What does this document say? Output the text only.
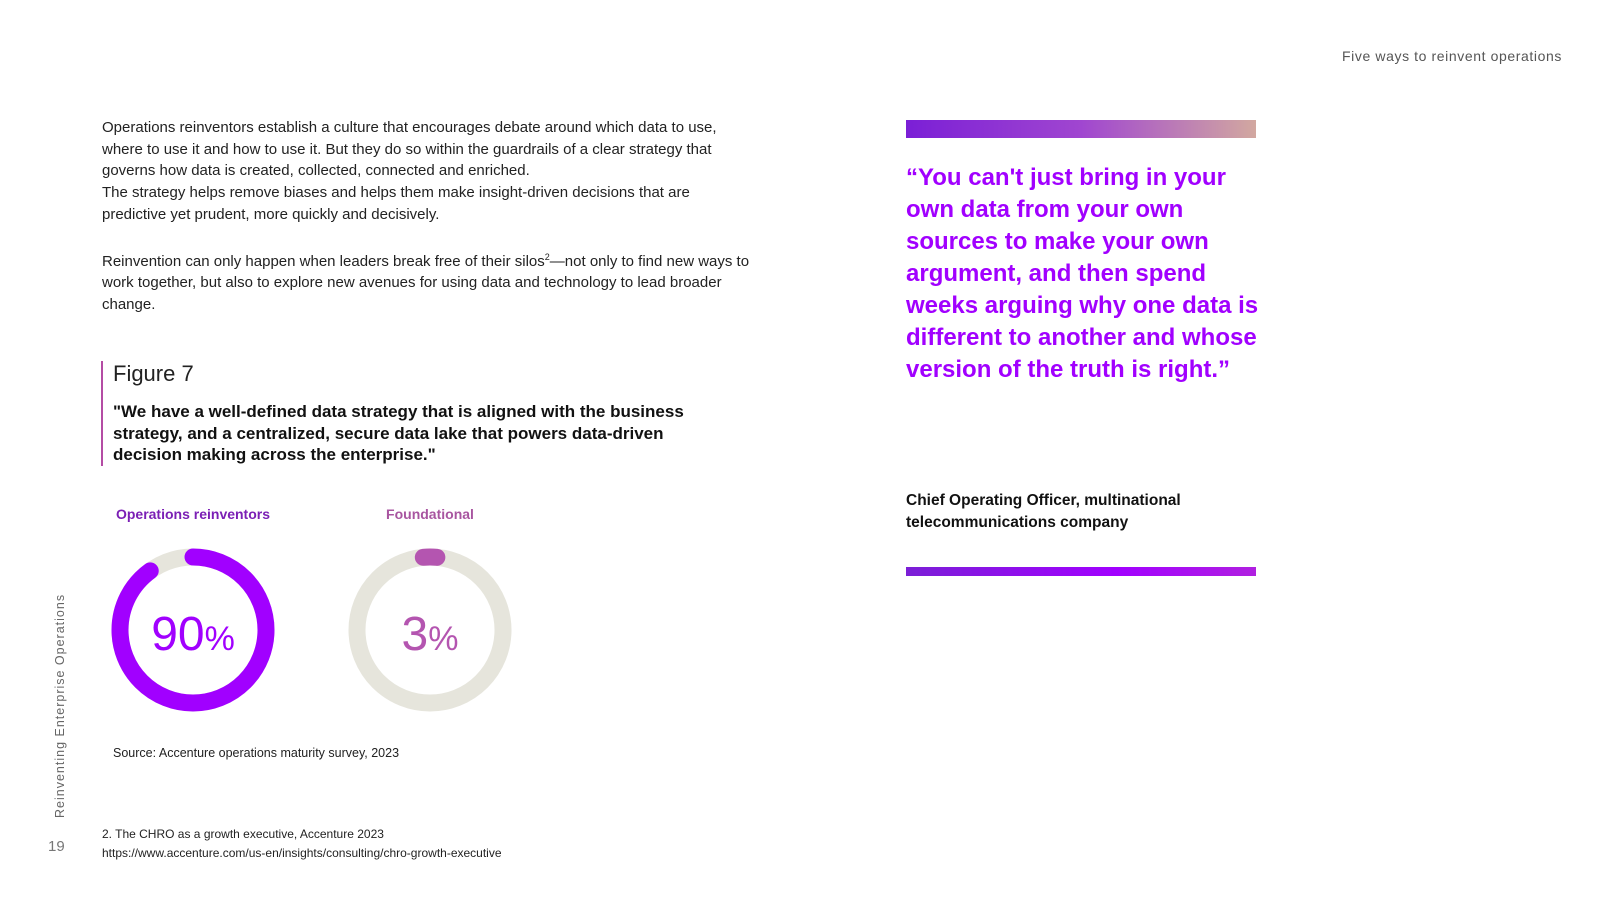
Five ways to reinvent operations
Reinventing Enterprise Operations
19

Operations reinventors establish a culture that encourages debate around which data to use, where to use it and how to use it. But they do so within the guardrails of a clear strategy that governs how data is created, collected, connected and enriched.

The strategy helps remove biases and helps them make insight-driven decisions that are predictive yet prudent, more quickly and decisively.

Reinvention can only happen when leaders break free of their silos$^2$—not only to find new ways to work together, but also to explore new avenues for using data and technology to lead broader change.

Figure 7

"We have a well-defined data strategy that is aligned with the business strategy, and a centralized, secure data lake that powers data-driven decision making across the enterprise."

Operations reinventors
90%
Foundational
3%
Source: Accenture operations maturity survey, 2023
2. The CHRO as a growth executive, Accenture 2023
https://www.accenture.com/us-en/insights/consulting/chro-growth-executive

“You can't just bring in your own data from your own sources to make your own argument, and then spend weeks arguing why one data is different to another and whose version of the truth is right.”

Chief Operating Officer, multinational telecommunications company
